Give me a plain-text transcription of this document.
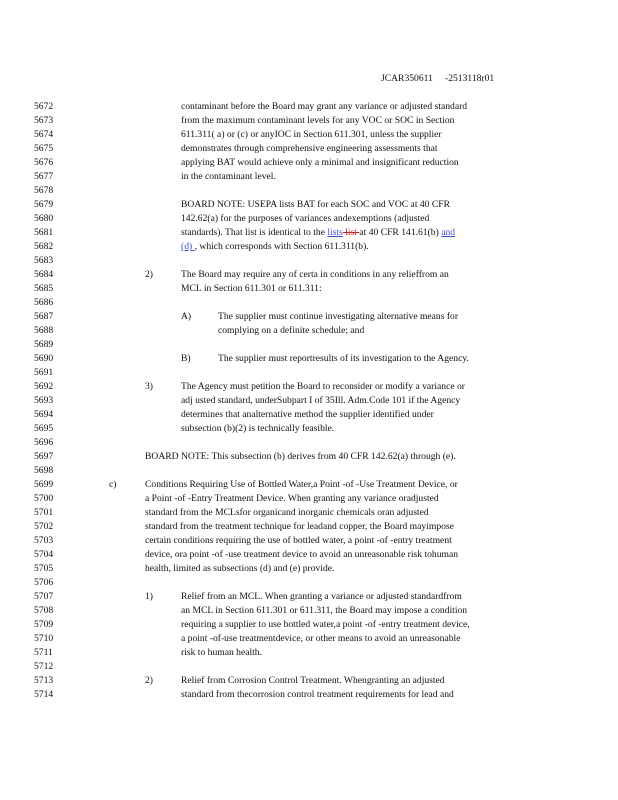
JCAR350611 -2513118r01
5672	contaminant before the Board may grant any variance or adjusted standard
5673	from the maximum contaminant levels for any VOC or SOC in Section
5674	611.311( a) or (c) or anyIOC in Section 611.301, unless the supplier
5675	demonstrates through comprehensive engineering assessments that
5676	applying BAT would achieve only a minimal and insignificant reduction
5677	in the contaminant level.
5678
5679	BOARD NOTE: USEPA lists BAT for each SOC and VOC at 40 CFR
5680	142.62(a) for the purposes of variances andexemptions (adjusted
5681	standards). That list is identical to the lists list at 40 CFR 141.61(b) and
5682	(d) , which corresponds with Section 611.311(b).
5683
5684	2)	The Board may require any of certa in conditions in any relieffrom an
5685	MCL in Section 611.301 or 611.311:
5686
5687	A)	The supplier must continue investigating alternative means for
5688	complying on a definite schedule; and
5689
5690	B)	The supplier must reportresults of its investigation to the Agency.
5691
5692	3)	The Agency must petition the Board to reconsider or modify a variance or
5693	adj usted standard, underSubpart I of 35Ill. Adm.Code 101 if the Agency
5694	determines that analternative method the supplier identified under
5695	subsection (b)(2) is technically feasible.
5696
5697	BOARD NOTE: This subsection (b) derives from 40 CFR 142.62(a) through (e).
5698
5699	c)	Conditions Requiring Use of Bottled Water,a Point -of -Use Treatment Device, or
5700	a Point -of -Entry Treatment Device. When granting any variance oradjusted
5701	standard from the MCLsfor organicand inorganic chemicals oran adjusted
5702	standard from the treatment technique for leadand copper, the Board mayimpose
5703	certain conditions requiring the use of bottled water, a point -of -entry treatment
5704	device, ora point -of -use treatment device to avoid an unreasonable risk tohuman
5705	health, limited as subsections (d) and (e) provide.
5706
5707	1)	Relief from an MCL. When granting a variance or adjusted standardfrom
5708	an MCL in Section 611.301 or 611.311, the Board may impose a condition
5709	requiring a supplier to use bottled water,a point -of -entry treatment device,
5710	a point -of-use treatmentdevice, or other means to avoid an unreasonable
5711	risk to human health.
5712
5713	2)	Relief from Corrosion Control Treatment. Whengranting an adjusted
5714	standard from thecorrosion control treatment requirements for lead and
